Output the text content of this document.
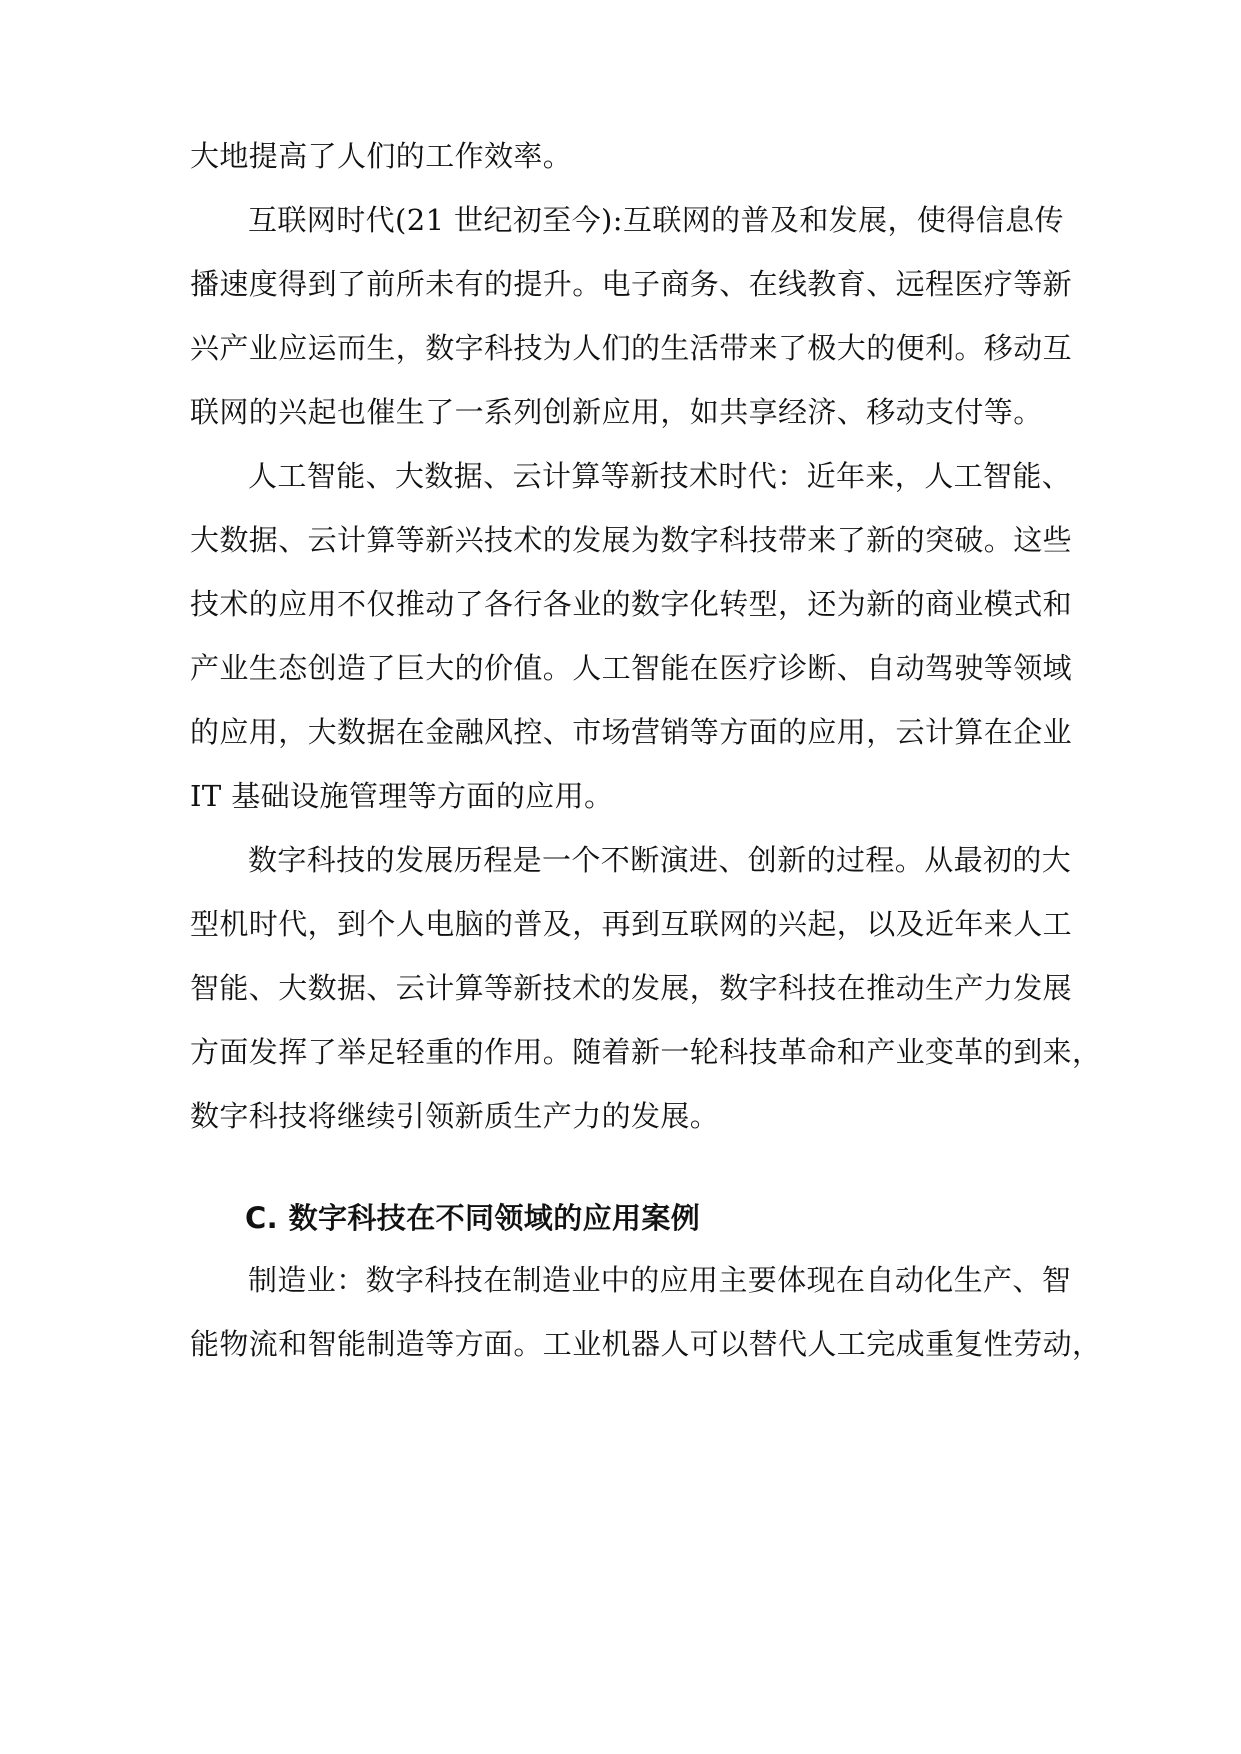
大地提高了人们的工作效率。
互联网时代(21 世纪初至今):互联网的普及和发展，使得信息传
播速度得到了前所未有的提升。电子商务、在线教育、远程医疗等新
兴产业应运而生，数字科技为人们的生活带来了极大的便利。移动互
联网的兴起也催生了一系列创新应用，如共享经济、移动支付等。
人工智能、大数据、云计算等新技术时代：近年来，人工智能、
大数据、云计算等新兴技术的发展为数字科技带来了新的突破。这些
技术的应用不仅推动了各行各业的数字化转型，还为新的商业模式和
产业生态创造了巨大的价值。人工智能在医疗诊断、自动驾驶等领域
的应用，大数据在金融风控、市场营销等方面的应用，云计算在企业
IT 基础设施管理等方面的应用。
数字科技的发展历程是一个不断演进、创新的过程。从最初的大
型机时代，到个人电脑的普及，再到互联网的兴起，以及近年来人工
智能、大数据、云计算等新技术的发展，数字科技在推动生产力发展
方面发挥了举足轻重的作用。随着新一轮科技革命和产业变革的到来，
数字科技将继续引领新质生产力的发展。
C. 数字科技在不同领域的应用案例
制造业：数字科技在制造业中的应用主要体现在自动化生产、智
能物流和智能制造等方面。工业机器人可以替代人工完成重复性劳动，
